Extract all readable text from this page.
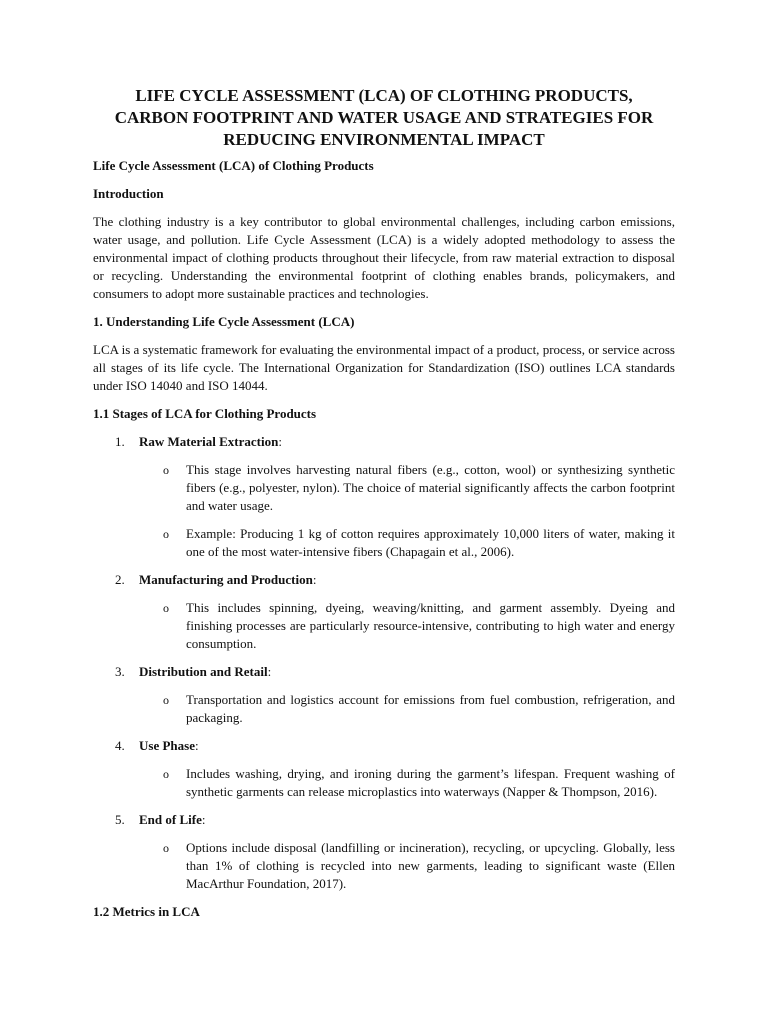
LIFE CYCLE ASSESSMENT (LCA) OF CLOTHING PRODUCTS,
CARBON FOOTPRINT AND WATER USAGE AND STRATEGIES FOR
REDUCING ENVIRONMENTAL IMPACT
Life Cycle Assessment (LCA) of Clothing Products
Introduction
The clothing industry is a key contributor to global environmental challenges, including carbon emissions, water usage, and pollution. Life Cycle Assessment (LCA) is a widely adopted methodology to assess the environmental impact of clothing products throughout their lifecycle, from raw material extraction to disposal or recycling. Understanding the environmental footprint of clothing enables brands, policymakers, and consumers to adopt more sustainable practices and technologies.
1. Understanding Life Cycle Assessment (LCA)
LCA is a systematic framework for evaluating the environmental impact of a product, process, or service across all stages of its life cycle. The International Organization for Standardization (ISO) outlines LCA standards under ISO 14040 and ISO 14044.
1.1 Stages of LCA for Clothing Products
1. Raw Material Extraction:
o This stage involves harvesting natural fibers (e.g., cotton, wool) or synthesizing synthetic fibers (e.g., polyester, nylon). The choice of material significantly affects the carbon footprint and water usage.
o Example: Producing 1 kg of cotton requires approximately 10,000 liters of water, making it one of the most water-intensive fibers (Chapagain et al., 2006).
2. Manufacturing and Production:
o This includes spinning, dyeing, weaving/knitting, and garment assembly. Dyeing and finishing processes are particularly resource-intensive, contributing to high water and energy consumption.
3. Distribution and Retail:
o Transportation and logistics account for emissions from fuel combustion, refrigeration, and packaging.
4. Use Phase:
o Includes washing, drying, and ironing during the garment’s lifespan. Frequent washing of synthetic garments can release microplastics into waterways (Napper & Thompson, 2016).
5. End of Life:
o Options include disposal (landfilling or incineration), recycling, or upcycling. Globally, less than 1% of clothing is recycled into new garments, leading to significant waste (Ellen MacArthur Foundation, 2017).
1.2 Metrics in LCA
